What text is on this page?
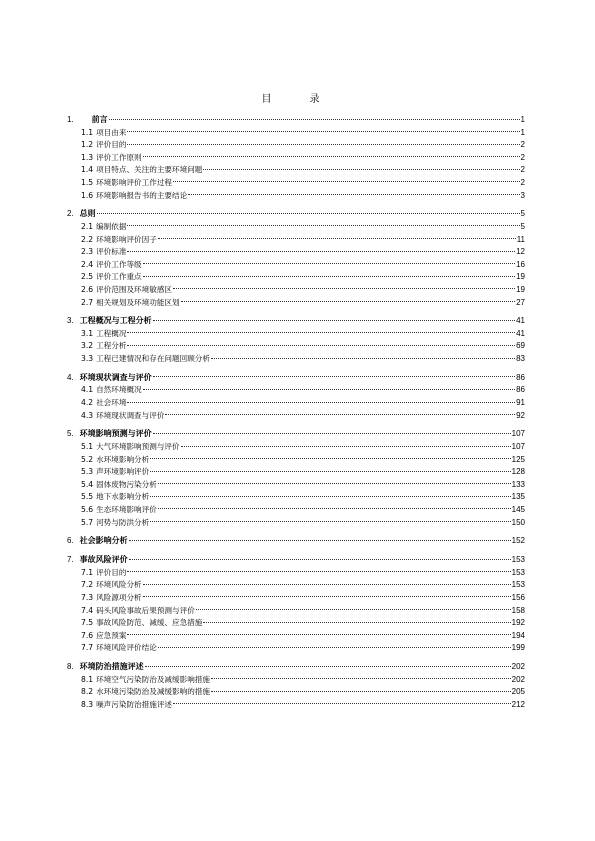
目　录
1. 前言	1
1.1 项目由来	1
1.2 评价目的	2
1.3 评价工作原则	2
1.4 项目特点、关注的主要环境问题	2
1.5 环境影响评价工作过程	2
1.6 环境影响报告书的主要结论	3
2. 总则	5
2.1 编制依据	5
2.2 环境影响评价因子	11
2.3 评价标准	12
2.4 评价工作等级	16
2.5 评价工作重点	19
2.6 评价范围及环境敏感区	19
2.7 相关规划及环境功能区划	27
3. 工程概况与工程分析	41
3.1 工程概况	41
3.2 工程分析	69
3.3 工程已建情况和存在问题回顾分析	83
4. 环境现状调查与评价	86
4.1 自然环境概况	86
4.2 社会环境	91
4.3 环境现状调查与评价	92
5. 环境影响预测与评价	107
5.1 大气环境影响预测与评价	107
5.2 水环境影响分析	125
5.3 声环境影响评价	128
5.4 固体废物污染分析	133
5.5 地下水影响分析	135
5.6 生态环境影响评价	145
5.7 河势与防洪分析	150
6. 社会影响分析	152
7. 事故风险评价	153
7.1 评价目的	153
7.2 环境风险分析	153
7.3 风险源项分析	156
7.4 码头风险事故后果预测与评价	158
7.5 事故风险防范、减缓、应急措施	192
7.6 应急预案	194
7.7 环境风险评价结论	199
8. 环境防治措施评述	202
8.1 环境空气污染防治及减缓影响措施	202
8.2 水环境污染防治及减缓影响的措施	205
8.3 噪声污染防治措施评述	212
